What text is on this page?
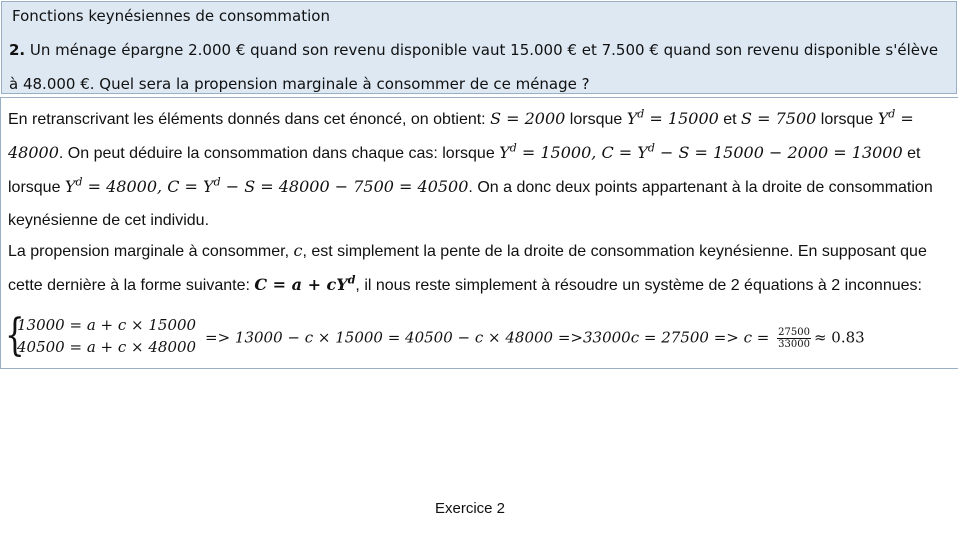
Fonctions keynésiennes de consommation
2. Un ménage épargne 2.000 € quand son revenu disponible vaut 15.000 € et 7.500 € quand son revenu disponible s'élève à 48.000 €. Quel sera la propension marginale à consommer de ce ménage ?
En retranscrivant les éléments donnés dans cet énoncé, on obtient: S = 2000 lorsque $Y^d = 15000$ et S = 7500 lorsque $Y^d = 48000$. On peut déduire la consommation dans chaque cas: lorsque $Y^d = 15000$, $C = Y^d - S = 15000 - 2000 = 13000$ et lorsque $Y^d = 48000$, $C = Y^d - S = 48000 - 7500 = 40500$. On a donc deux points appartenant à la droite de consommation keynésienne de cet individu.
La propension marginale à consommer, c, est simplement la pente de la droite de consommation keynésienne. En supposant que cette dernière à la forme suivante: $C = a + cY^d$, il nous reste simplement à résoudre un système de 2 équations à 2 inconnues:
{
13000 = a + c × 15000
40500 = a + c × 48000
=> $13000 - c \times 15000 = 40500 - c \times 48000 =>33000c = 27500 => c = \frac{27500}{33000} \approx 0.83$
Exercice 2
